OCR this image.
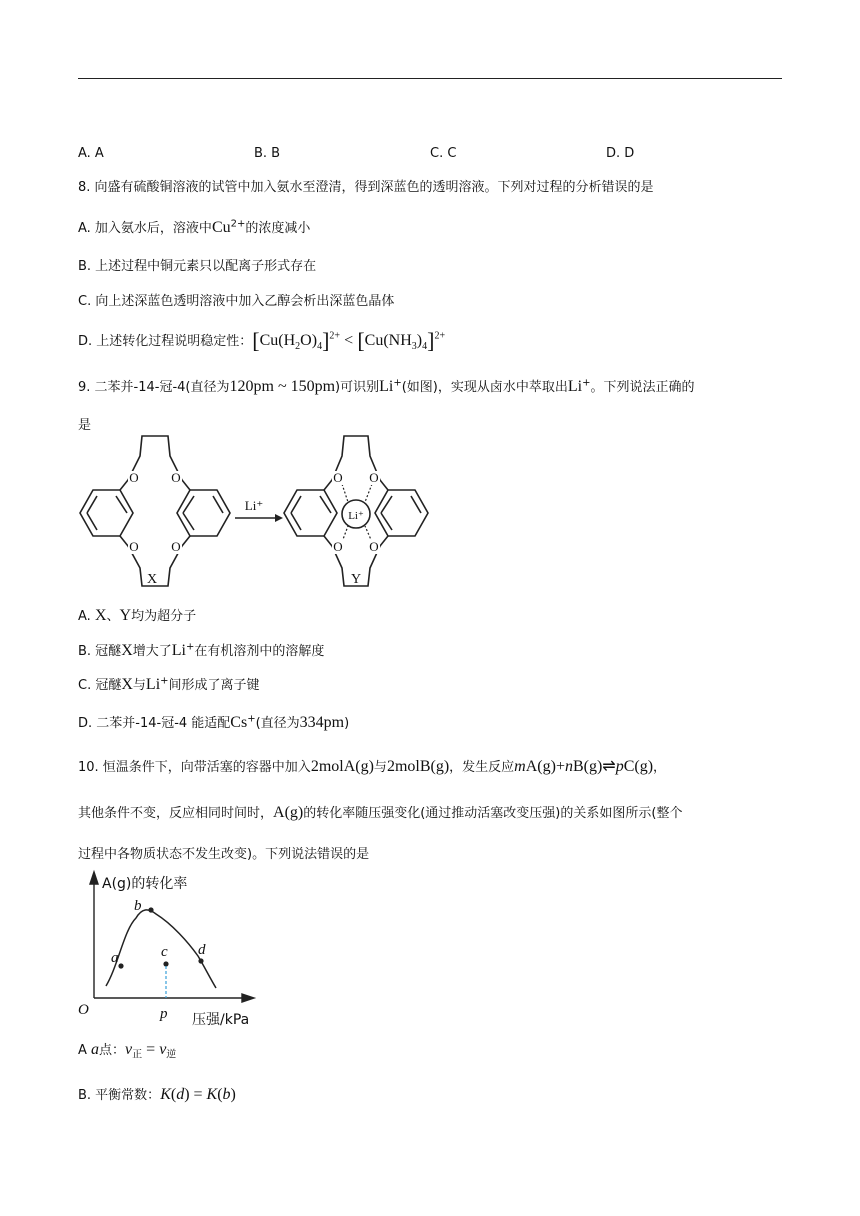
A. A	B. B	C. C	D. D
8. 向盛有硫酸铜溶液的试管中加入氨水至澄清，得到深蓝色的透明溶液。下列对过程的分析错误的是
A. 加入氨水后，溶液中$Cu^{2+}$的浓度减小
B. 上述过程中铜元素只以配离子形式存在
C. 向上述深蓝色透明溶液中加入乙醇会析出深蓝色晶体
D. 上述转化过程说明稳定性：$[Cu(H_2O)_4]^{2+} < [Cu(NH_3)_4]^{2+}$
9. 二苯并-14-冠-4(直径为120pm ~ 150pm)可识别Li+(如图)，实现从卤水中萃取出Li+。下列说法正确的
是
O	O
O	O
X
Li⁺
O O
O O
Li⁺
Y
A. X、Y均为超分子
B. 冠醚X增大了Li+在有机溶剂中的溶解度
C. 冠醚X与Li+间形成了离子键
D. 二苯并-14-冠-4 能适配Cs+(直径为334pm)
10. 恒温条件下，向带活塞的容器中加入2molA(g)与2molB(g)，发生反应mA(g)+nB(g)⇌pC(g)，
其他条件不变，反应相同时间时，A(g)的转化率随压强变化(通过推动活塞改变压强)的关系如图所示(整个
过程中各物质状态不发生改变)。下列说法错误的是
a
b
c d
O	p
A(g)的转化率
压强/kPa
A a点：$v_正 = v_逆$
B. 平衡常数：K(d) = K(b)
